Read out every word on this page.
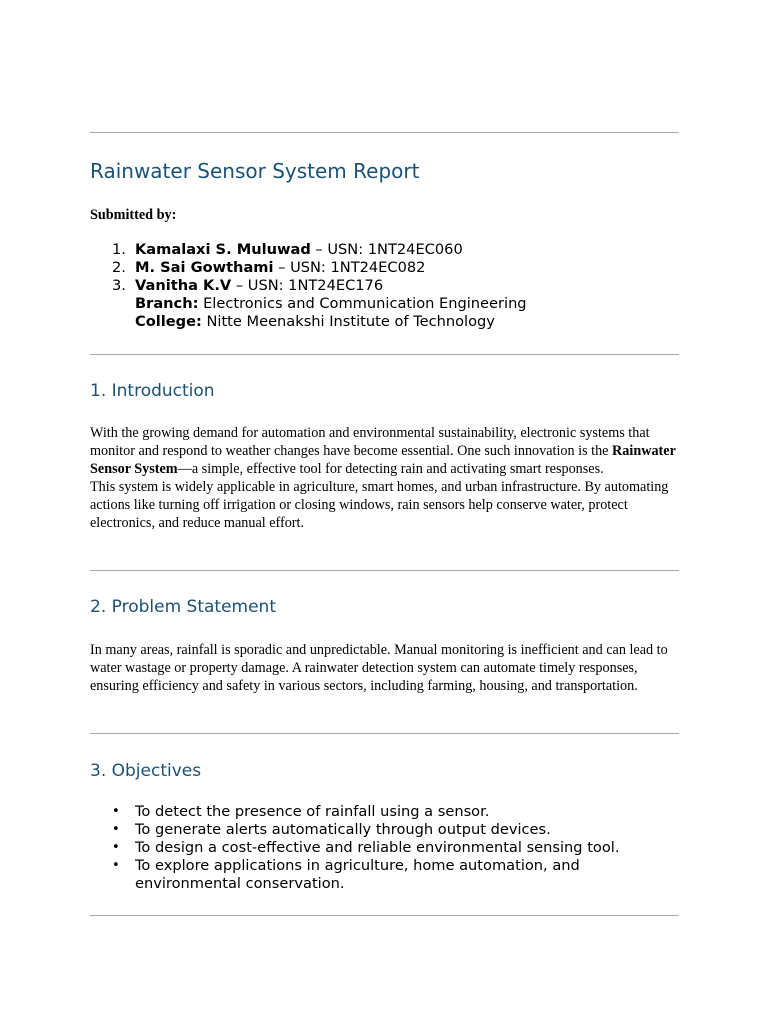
Rainwater Sensor System Report

Submitted by:

1. Kamalaxi S. Muluwad – USN: 1NT24EC060
2. M. Sai Gowthami – USN: 1NT24EC082
3. Vanitha K.V – USN: 1NT24EC176
Branch: Electronics and Communication Engineering
College: Nitte Meenakshi Institute of Technology
1. Introduction

With the growing demand for automation and environmental sustainability, electronic systems that monitor and respond to weather changes have become essential. One such innovation is the Rainwater Sensor System—a simple, effective tool for detecting rain and activating smart responses.

This system is widely applicable in agriculture, smart homes, and urban infrastructure. By automating actions like turning off irrigation or closing windows, rain sensors help conserve water, protect electronics, and reduce manual effort.

2. Problem Statement

In many areas, rainfall is sporadic and unpredictable. Manual monitoring is inefficient and can lead to water wastage or property damage. A rainwater detection system can automate timely responses, ensuring efficiency and safety in various sectors, including farming, housing, and transportation.

3. Objectives
• To detect the presence of rainfall using a sensor.
• To generate alerts automatically through output devices.
• To design a cost-effective and reliable environmental sensing tool.
• To explore applications in agriculture, home automation, and environmental conservation.
